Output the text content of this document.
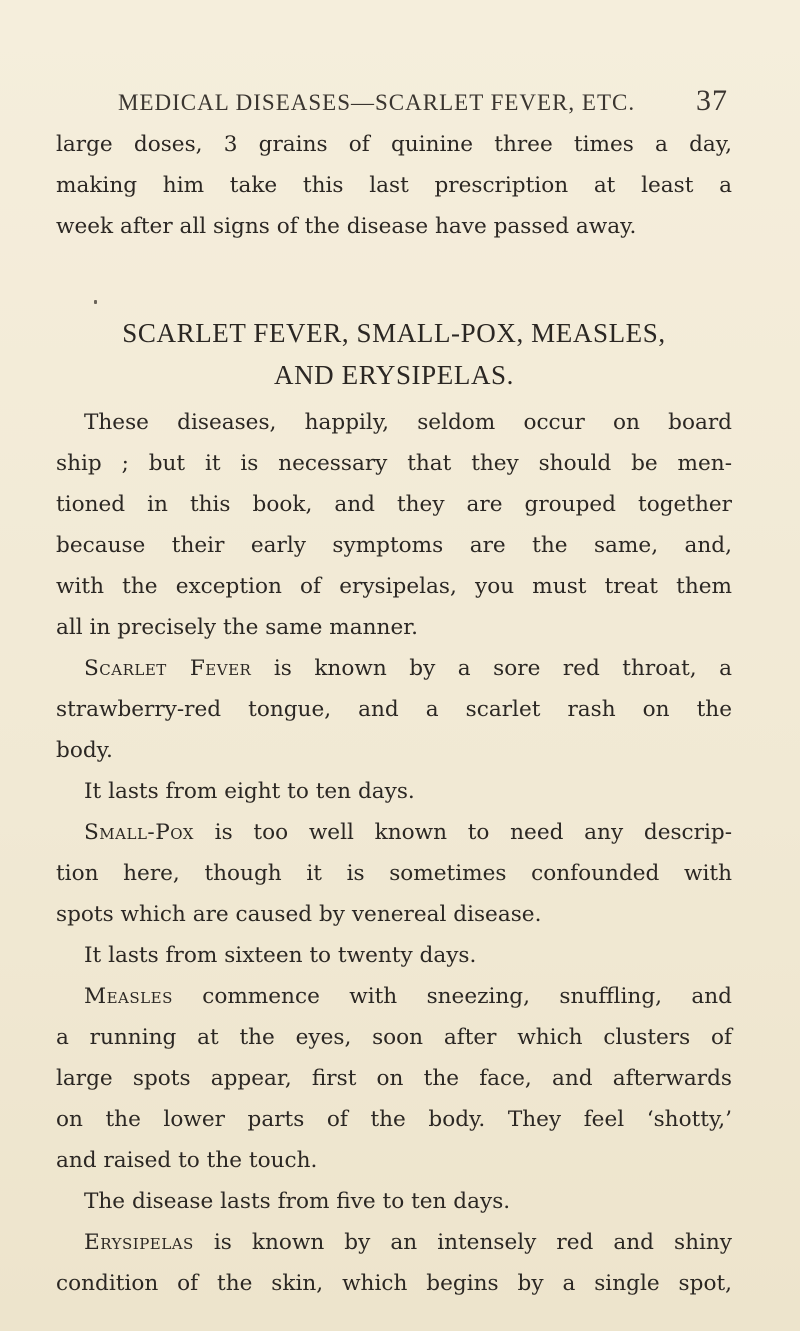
MEDICAL DISEASES—SCARLET FEVER, ETC. 37
large doses, 3 grains of quinine three times a day,
making him take this last prescription at least a
week after all signs of the disease have passed away.
SCARLET FEVER, SMALL-POX, MEASLES,
AND ERYSIPELAS.
These diseases, happily, seldom occur on board
ship ; but it is necessary that they should be men-
tioned in this book, and they are grouped together
because their early symptoms are the same, and,
with the exception of erysipelas, you must treat them
all in precisely the same manner.
Scarlet Fever is known by a sore red throat, a
strawberry-red tongue, and a scarlet rash on the
body.
It lasts from eight to ten days.
Small-Pox is too well known to need any descrip-
tion here, though it is sometimes confounded with
spots which are caused by venereal disease.
It lasts from sixteen to twenty days.
Measles commence with sneezing, snuffling, and
a running at the eyes, soon after which clusters of
large spots appear, first on the face, and afterwards
on the lower parts of the body. They feel ‘shotty,’
and raised to the touch.
The disease lasts from five to ten days.
Erysipelas is known by an intensely red and shiny
condition of the skin, which begins by a single spot,
